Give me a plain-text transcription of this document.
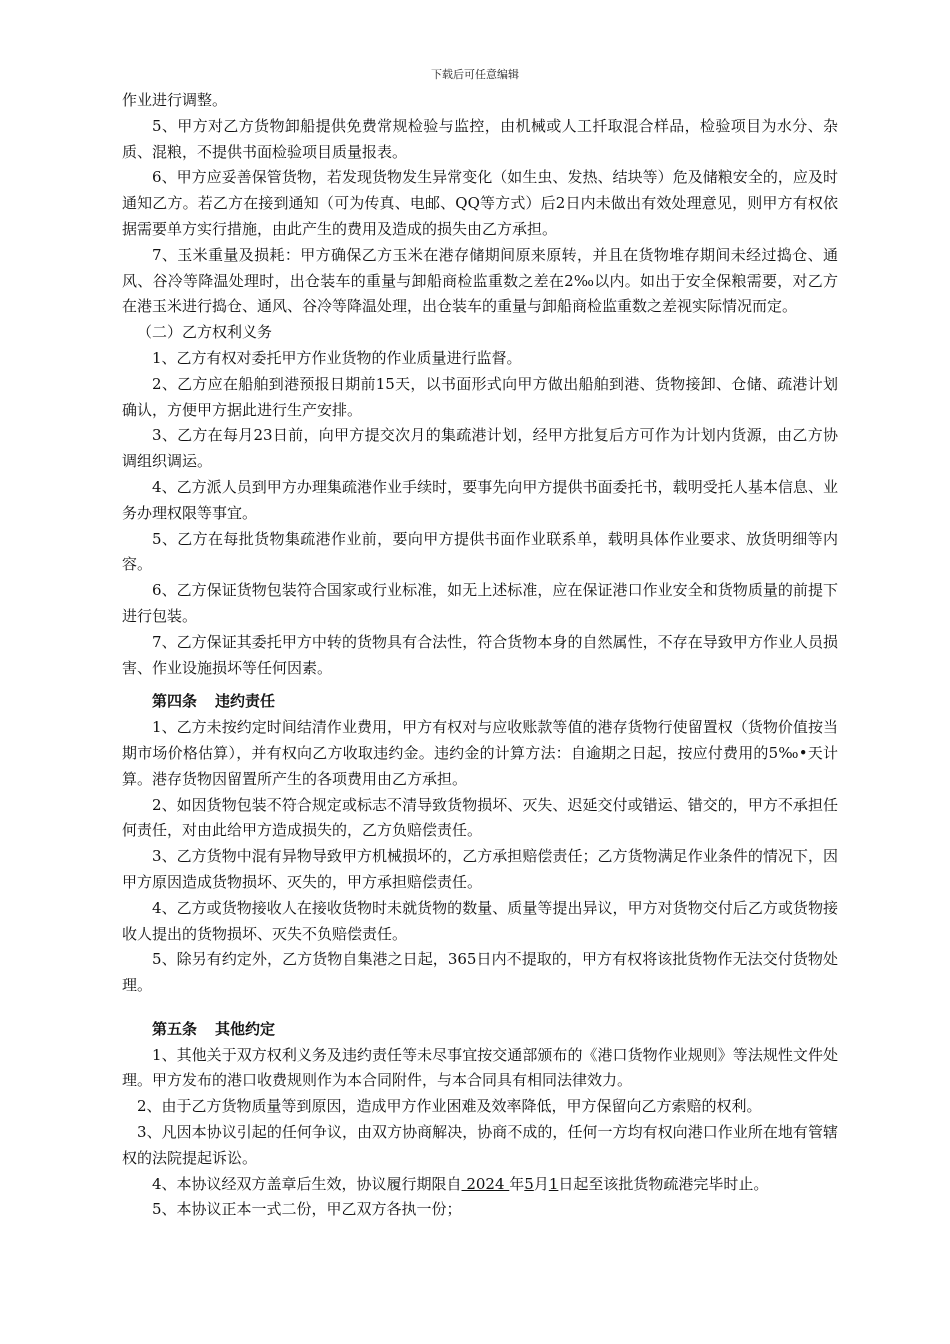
下载后可任意编辑

作业进行调整。

5、甲方对乙方货物卸船提供免费常规检验与监控，由机械或人工扦取混合样品，检验项目为水分、杂质、混粮，不提供书面检验项目质量报表。

6、甲方应妥善保管货物，若发现货物发生异常变化（如生虫、发热、结块等）危及储粮安全的，应及时通知乙方。若乙方在接到通知（可为传真、电邮、QQ等方式）后2日内未做出有效处理意见，则甲方有权依据需要单方实行措施，由此产生的费用及造成的损失由乙方承担。

7、玉米重量及损耗：甲方确保乙方玉米在港存储期间原来原转，并且在货物堆存期间未经过捣仓、通风、谷冷等降温处理时，出仓装车的重量与卸船商检监重数之差在2‰以内。如出于安全保粮需要，对乙方在港玉米进行捣仓、通风、谷冷等降温处理，出仓装车的重量与卸船商检监重数之差视实际情况而定。

（二）乙方权利义务

1、乙方有权对委托甲方作业货物的作业质量进行监督。

2、乙方应在船舶到港预报日期前15天，以书面形式向甲方做出船舶到港、货物接卸、仓储、疏港计划确认，方便甲方据此进行生产安排。

3、乙方在每月23日前，向甲方提交次月的集疏港计划，经甲方批复后方可作为计划内货源，由乙方协调组织调运。

4、乙方派人员到甲方办理集疏港作业手续时，要事先向甲方提供书面委托书，载明受托人基本信息、业务办理权限等事宜。

5、乙方在每批货物集疏港作业前，要向甲方提供书面作业联系单，载明具体作业要求、放货明细等内容。

6、乙方保证货物包装符合国家或行业标准，如无上述标准，应在保证港口作业安全和货物质量的前提下进行包装。

7、乙方保证其委托甲方中转的货物具有合法性，符合货物本身的自然属性，不存在导致甲方作业人员损害、作业设施损坏等任何因素。

第四条 违约责任

1、乙方未按约定时间结清作业费用，甲方有权对与应收账款等值的港存货物行使留置权（货物价值按当期市场价格估算），并有权向乙方收取违约金。违约金的计算方法：自逾期之日起，按应付费用的5‰•天计算。港存货物因留置所产生的各项费用由乙方承担。

2、如因货物包装不符合规定或标志不清导致货物损坏、灭失、迟延交付或错运、错交的，甲方不承担任何责任，对由此给甲方造成损失的，乙方负赔偿责任。

3、乙方货物中混有异物导致甲方机械损坏的，乙方承担赔偿责任；乙方货物满足作业条件的情况下，因甲方原因造成货物损坏、灭失的，甲方承担赔偿责任。

4、乙方或货物接收人在接收货物时未就货物的数量、质量等提出异议，甲方对货物交付后乙方或货物接收人提出的货物损坏、灭失不负赔偿责任。

5、除另有约定外，乙方货物自集港之日起，365日内不提取的，甲方有权将该批货物作无法交付货物处理。

第五条 其他约定

1、其他关于双方权利义务及违约责任等未尽事宜按交通部颁布的《港口货物作业规则》等法规性文件处理。甲方发布的港口收费规则作为本合同附件，与本合同具有相同法律效力。

2、由于乙方货物质量等到原因，造成甲方作业困难及效率降低，甲方保留向乙方索赔的权利。

3、凡因本协议引起的任何争议，由双方协商解决，协商不成的，任何一方均有权向港口作业所在地有管辖权的法院提起诉讼。

4、本协议经双方盖章后生效，协议履行期限自 2024 年5月1日起至该批货物疏港完毕时止。

5、本协议正本一式二份，甲乙双方各执一份；
